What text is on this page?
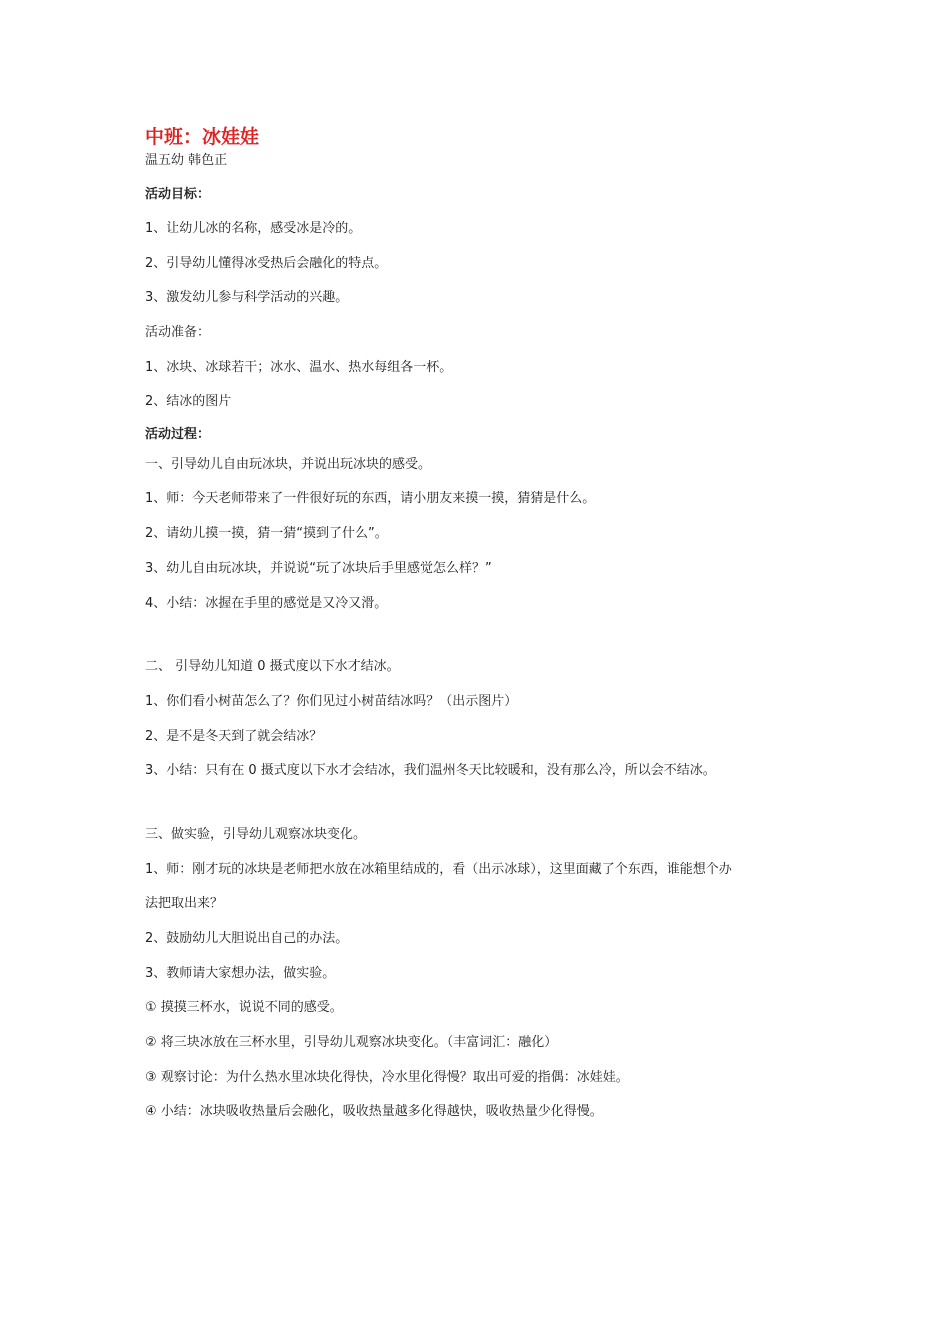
中班：冰娃娃
温五幼 韩色正
活动目标：
1、让幼儿冰的名称，感受冰是冷的。
2、引导幼儿懂得冰受热后会融化的特点。
3、激发幼儿参与科学活动的兴趣。
活动准备：
1、冰块、冰球若干；冰水、温水、热水每组各一杯。
2、结冰的图片
活动过程：
一、引导幼儿自由玩冰块，并说出玩冰块的感受。
1、师：今天老师带来了一件很好玩的东西，请小朋友来摸一摸，猜猜是什么。
2、请幼儿摸一摸，猜一猜“摸到了什么”。
3、幼儿自由玩冰块，并说说“玩了冰块后手里感觉怎么样？”
4、小结：冰握在手里的感觉是又冷又滑。
二、 引导幼儿知道 0 摄式度以下水才结冰。
1、你们看小树苗怎么了？你们见过小树苗结冰吗？（出示图片）
2、是不是冬天到了就会结冰？
3、小结：只有在 0 摄式度以下水才会结冰，我们温州冬天比较暖和，没有那么冷，所以会不结冰。
三、做实验，引导幼儿观察冰块变化。
1、师：刚才玩的冰块是老师把水放在冰箱里结成的，看（出示冰球），这里面藏了个东西，谁能想个办
法把取出来？
2、鼓励幼儿大胆说出自己的办法。
3、教师请大家想办法，做实验。
① 摸摸三杯水，说说不同的感受。
② 将三块冰放在三杯水里，引导幼儿观察冰块变化。（丰富词汇：融化）
③ 观察讨论：为什么热水里冰块化得快，冷水里化得慢？取出可爱的指偶：冰娃娃。
④ 小结：冰块吸收热量后会融化，吸收热量越多化得越快，吸收热量少化得慢。
